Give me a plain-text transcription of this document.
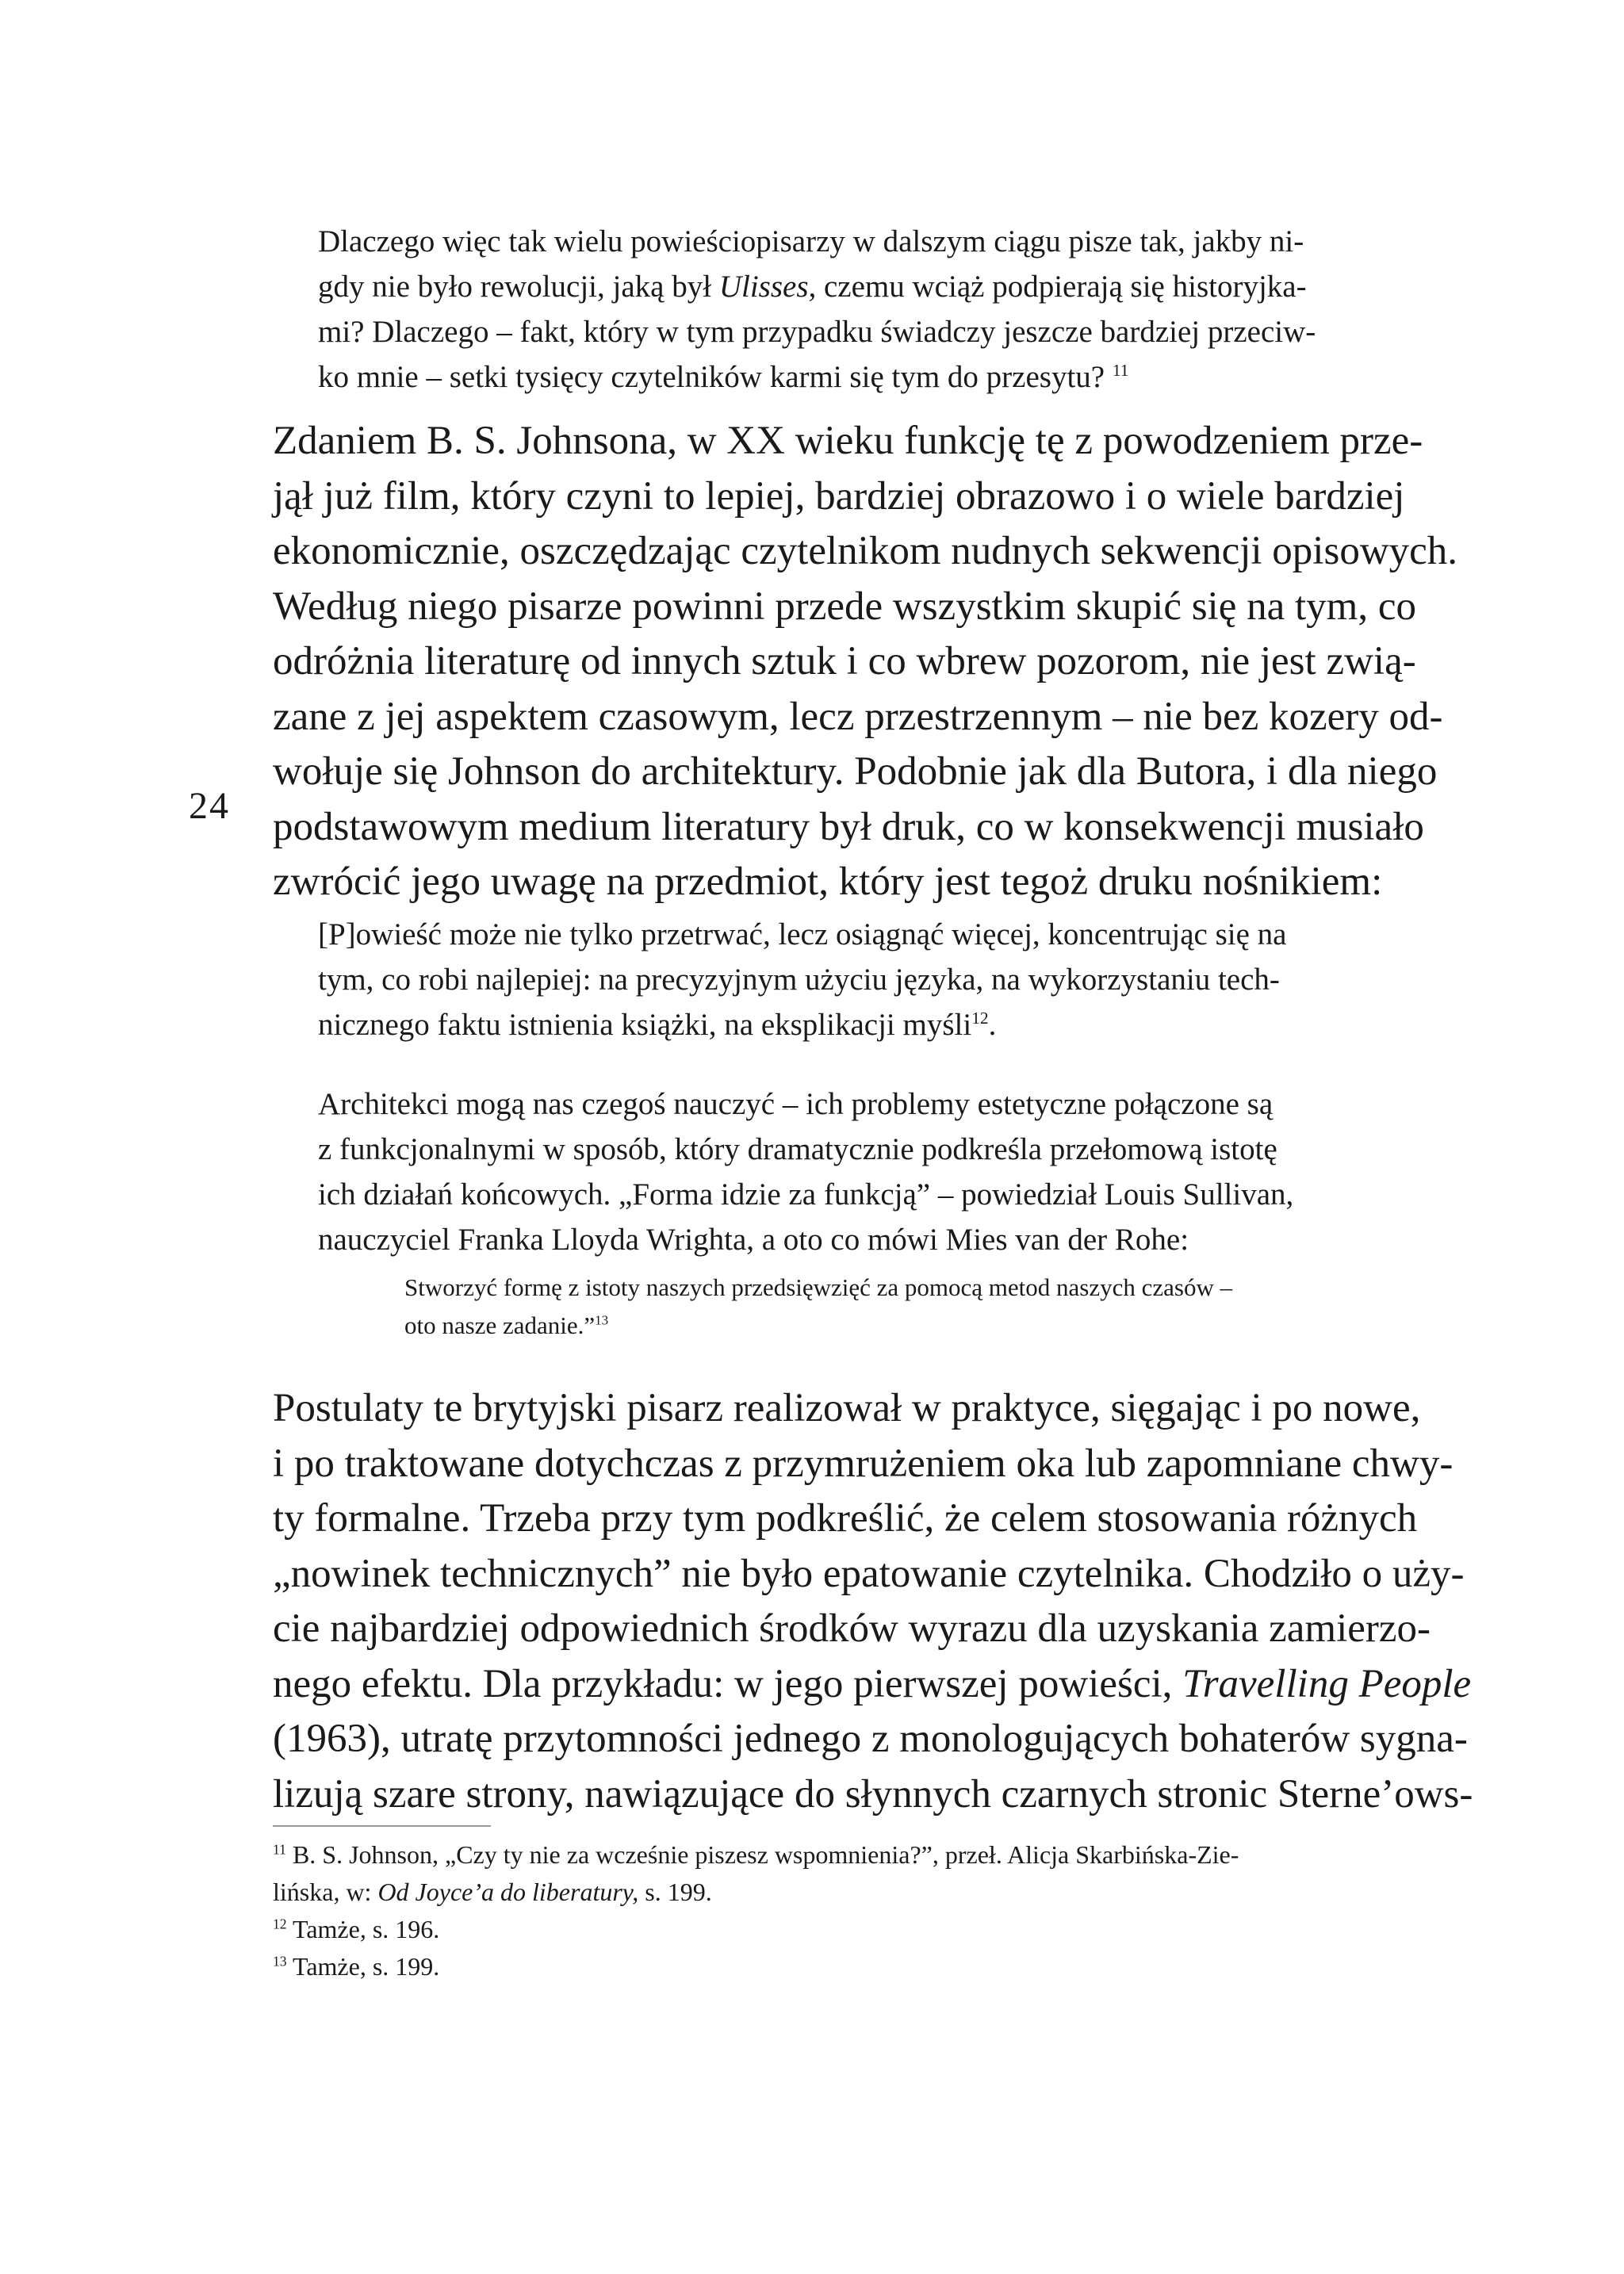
Dlaczego więc tak wielu powieściopisarzy w dalszym ciągu pisze tak, jakby ni-
gdy nie było rewolucji, jaką był Ulisses, czemu wciąż podpierają się historyjka-
mi? Dlaczego – fakt, który w tym przypadku świadczy jeszcze bardziej przeciw-
ko mnie – setki tysięcy czytelników karmi się tym do przesytu? $^{11}$
Zdaniem B. S. Johnsona, w XX wieku funkcję tę z powodzeniem prze-
jął już film, który czyni to lepiej, bardziej obrazowo i o wiele bardziej
ekonomicznie, oszczędzając czytelnikom nudnych sekwencji opisowych.
Według niego pisarze powinni przede wszystkim skupić się na tym, co
odróżnia literaturę od innych sztuk i co wbrew pozorom, nie jest zwią-
zane z jej aspektem czasowym, lecz przestrzennym – nie bez kozery od-
wołuje się Johnson do architektury. Podobnie jak dla Butora, i dla niego
podstawowym medium literatury był druk, co w konsekwencji musiało
zwrócić jego uwagę na przedmiot, który jest tegoż druku nośnikiem:
24
[P]owieść może nie tylko przetrwać, lecz osiągnąć więcej, koncentrując się na
tym, co robi najlepiej: na precyzyjnym użyciu języka, na wykorzystaniu tech-
nicznego faktu istnienia książki, na eksplikacji myśli$^{12}$.
Architekci mogą nas czegoś nauczyć – ich problemy estetyczne połączone są
z funkcjonalnymi w sposób, który dramatycznie podkreśla przełomową istotę
ich działań końcowych. „Forma idzie za funkcją” – powiedział Louis Sullivan,
nauczyciel Franka Lloyda Wrighta, a oto co mówi Mies van der Rohe:
Stworzyć formę z istoty naszych przedsięwzięć za pomocą metod naszych czasów –
oto nasze zadanie.”$^{13}$
Postulaty te brytyjski pisarz realizował w praktyce, sięgając i po nowe,
i po traktowane dotychczas z przymrużeniem oka lub zapomniane chwy-
ty formalne. Trzeba przy tym podkreślić, że celem stosowania różnych
„nowinek technicznych” nie było epatowanie czytelnika. Chodziło o uży-
cie najbardziej odpowiednich środków wyrazu dla uzyskania zamierzo-
nego efektu. Dla przykładu: w jego pierwszej powieści, Travelling People
(1963), utratę przytomności jednego z monologujących bohaterów sygna-
lizują szare strony, nawiązujące do słynnych czarnych stronic Sterne’ows-
$^{11}$ B. S. Johnson, „Czy ty nie za wcześnie piszesz wspomnienia?”, przeł. Alicja Skarbińska-Zie-
lińska, w: Od Joyce’a do liberatury, s. 199.
$^{12}$ Tamże, s. 196.
$^{13}$ Tamże, s. 199.
